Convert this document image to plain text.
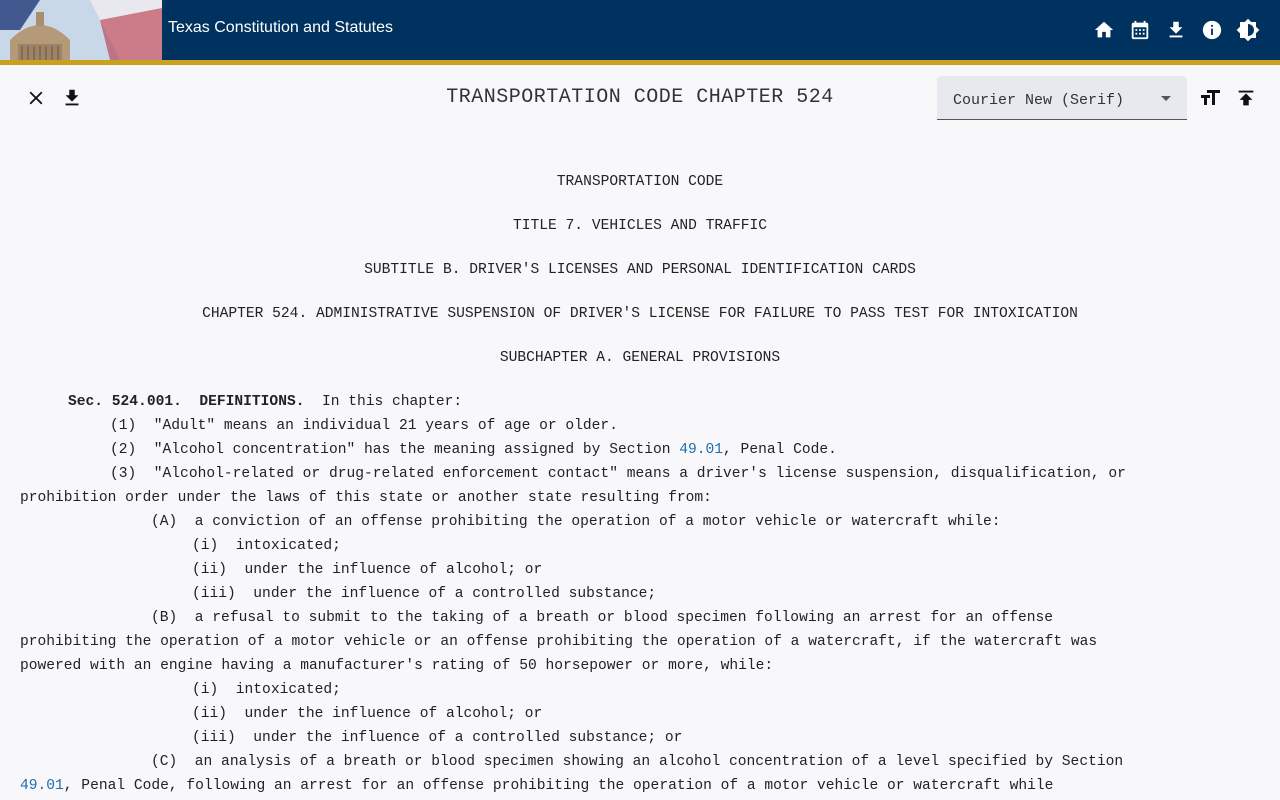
Texas Constitution and Statutes
TRANSPORTATION CODE CHAPTER 524	Courier New (Serif)
TRANSPORTATION CODE
TITLE 7. VEHICLES AND TRAFFIC
SUBTITLE B. DRIVER'S LICENSES AND PERSONAL IDENTIFICATION CARDS
CHAPTER 524. ADMINISTRATIVE SUSPENSION OF DRIVER'S LICENSE FOR FAILURE TO PASS TEST FOR INTOXICATION
SUBCHAPTER A. GENERAL PROVISIONS
Sec. 524.001. DEFINITIONS.  In this chapter:
(1)  "Adult" means an individual 21 years of age or older.
(2)  "Alcohol concentration" has the meaning assigned by Section 49.01, Penal Code.
(3)  "Alcohol-related or drug-related enforcement contact" means a driver's license suspension, disqualification, or
prohibition order under the laws of this state or another state resulting from:
(A)  a conviction of an offense prohibiting the operation of a motor vehicle or watercraft while:
(i)  intoxicated;
(ii)  under the influence of alcohol; or
(iii)  under the influence of a controlled substance;
(B)  a refusal to submit to the taking of a breath or blood specimen following an arrest for an offense
prohibiting the operation of a motor vehicle or an offense prohibiting the operation of a watercraft, if the watercraft was
powered with an engine having a manufacturer's rating of 50 horsepower or more, while:
(i)  intoxicated;
(ii)  under the influence of alcohol; or
(iii)  under the influence of a controlled substance; or
(C)  an analysis of a breath or blood specimen showing an alcohol concentration of a level specified by Section
49.01, Penal Code, following an arrest for an offense prohibiting the operation of a motor vehicle or watercraft while
